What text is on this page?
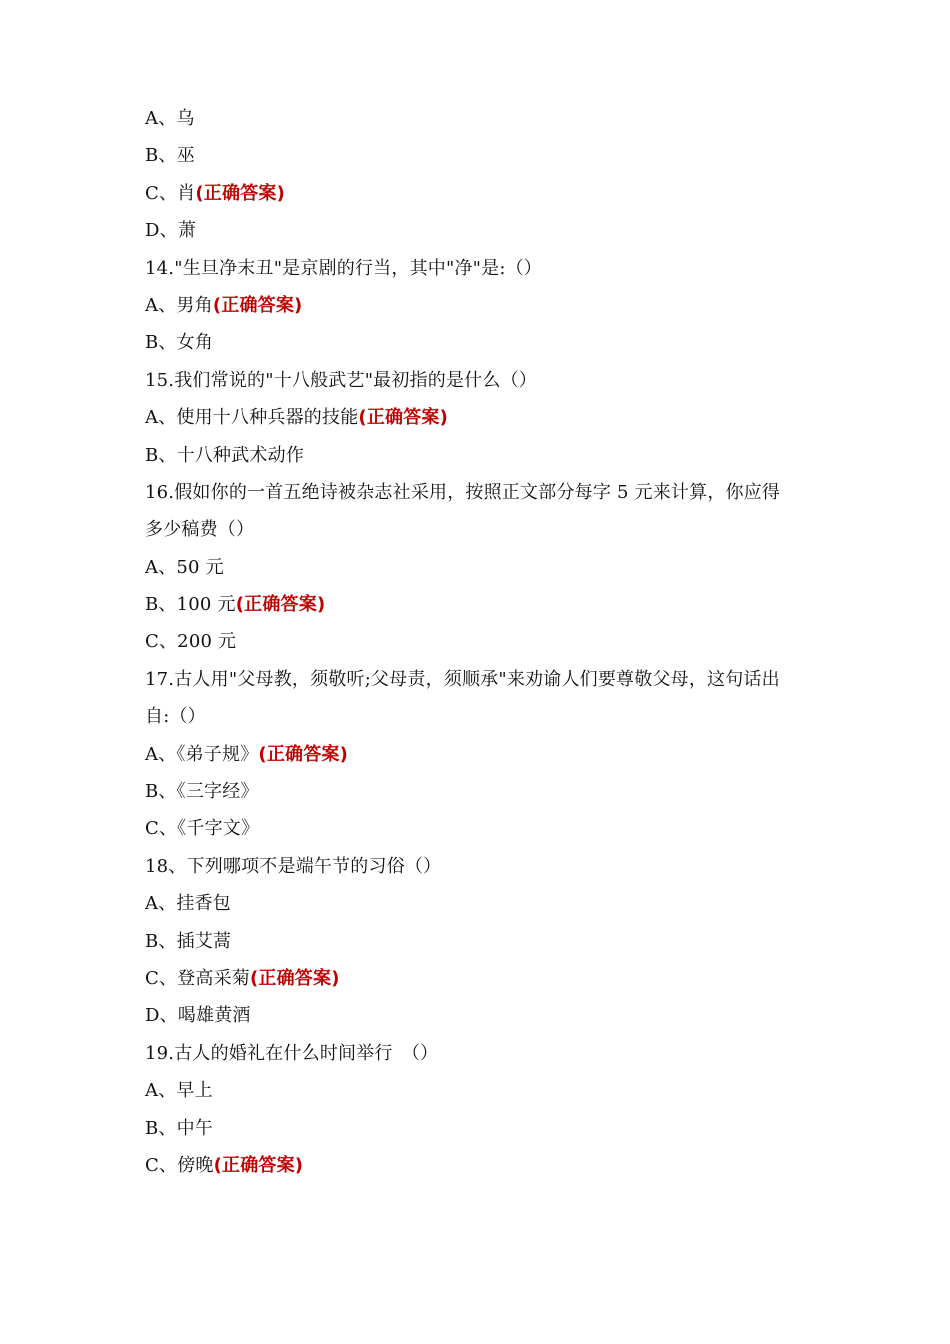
A、乌
B、巫
C、肖(正确答案)
D、萧
14."生旦净末丑"是京剧的行当，其中"净"是:（）
A、男角(正确答案)
B、女角
15.我们常说的"十八般武艺"最初指的是什么（）
A、使用十八种兵器的技能(正确答案)
B、十八种武术动作
16.假如你的一首五绝诗被杂志社采用，按照正文部分每字 5 元来计算，你应得
多少稿费（）
A、50 元
B、100 元(正确答案)
C、200 元
17.古人用"父母教，须敬听;父母责，须顺承"来劝谕人们要尊敬父母，这句话出
自:（）
A、《弟子规》(正确答案)
B、《三字经》
C、《千字文》
18、下列哪项不是端午节的习俗（）
A、挂香包
B、插艾蒿
C、登高采菊(正确答案)
D、喝雄黄酒
19.古人的婚礼在什么时间举行　（）
A、早上
B、中午
C、傍晚(正确答案)
